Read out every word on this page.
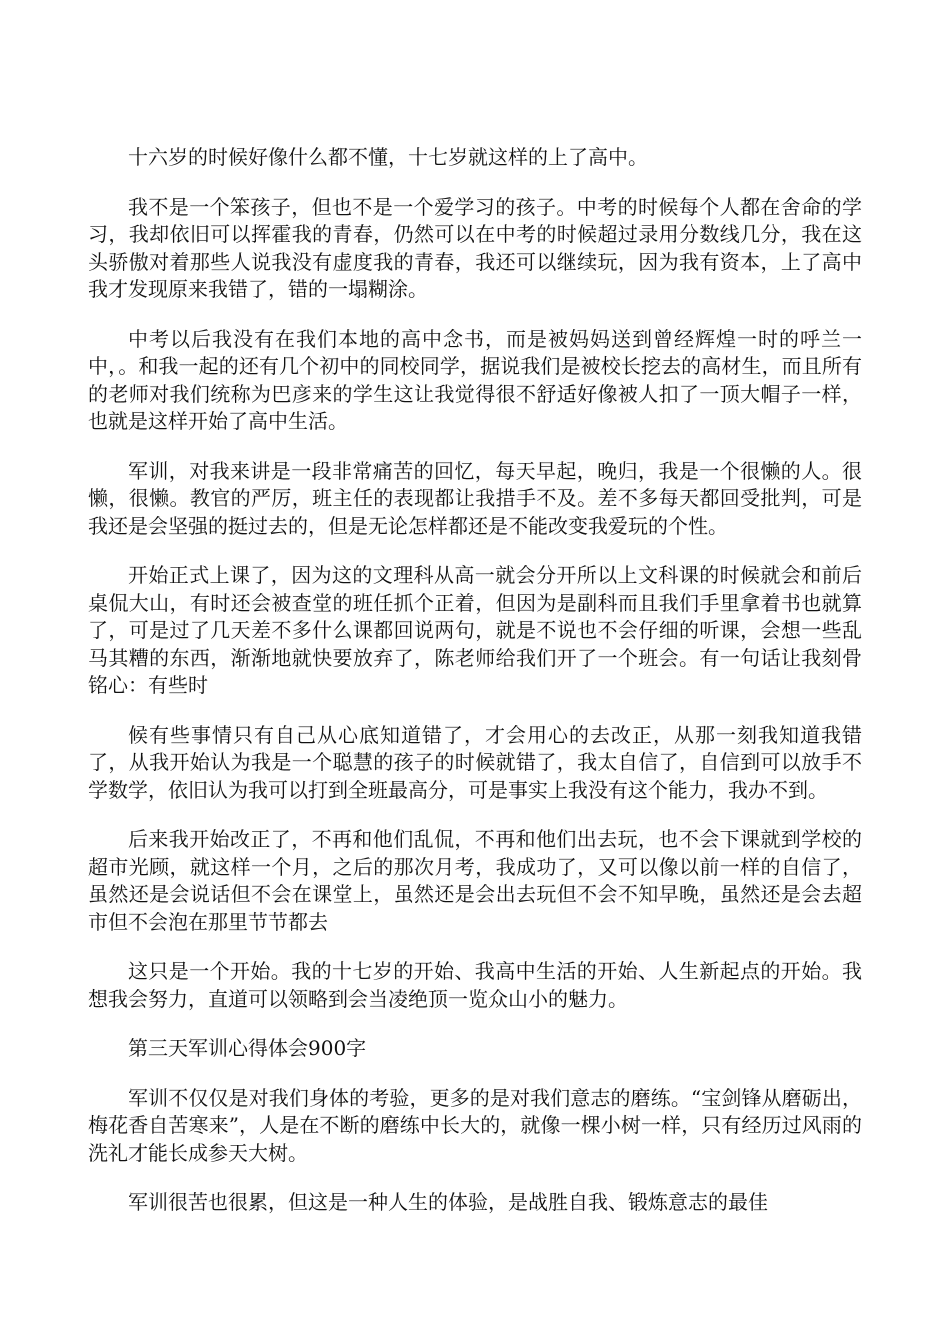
十六岁的时候好像什么都不懂，十七岁就这样的上了高中。

我不是一个笨孩子，但也不是一个爱学习的孩子。中考的时候每个人都在舍命的学习，我却依旧可以挥霍我的青春，仍然可以在中考的时候超过录用分数线几分，我在这头骄傲对着那些人说我没有虚度我的青春，我还可以继续玩，因为我有资本，上了高中我才发现原来我错了，错的一塌糊涂。

中考以后我没有在我们本地的高中念书，而是被妈妈送到曾经辉煌一时的呼兰一中，。和我一起的还有几个初中的同校同学，据说我们是被校长挖去的高材生，而且所有的老师对我们统称为巴彦来的学生这让我觉得很不舒适好像被人扣了一顶大帽子一样，也就是这样开始了高中生活。

军训，对我来讲是一段非常痛苦的回忆，每天早起，晚归，我是一个很懒的人。很懒，很懒。教官的严厉，班主任的表现都让我措手不及。差不多每天都回受批判，可是我还是会坚强的挺过去的，但是无论怎样都还是不能改变我爱玩的个性。

开始正式上课了，因为这的文理科从高一就会分开所以上文科课的时候就会和前后桌侃大山，有时还会被查堂的班任抓个正着，但因为是副科而且我们手里拿着书也就算了，可是过了几天差不多什么课都回说两句，就是不说也不会仔细的听课，会想一些乱马其糟的东西，渐渐地就快要放弃了，陈老师给我们开了一个班会。有一句话让我刻骨铭心：有些时

候有些事情只有自己从心底知道错了，才会用心的去改正，从那一刻我知道我错了，从我开始认为我是一个聪慧的孩子的时候就错了，我太自信了，自信到可以放手不学数学，依旧认为我可以打到全班最高分，可是事实上我没有这个能力，我办不到。

后来我开始改正了，不再和他们乱侃，不再和他们出去玩，也不会下课就到学校的超市光顾，就这样一个月，之后的那次月考，我成功了，又可以像以前一样的自信了，虽然还是会说话但不会在课堂上，虽然还是会出去玩但不会不知早晚，虽然还是会去超市但不会泡在那里节节都去

这只是一个开始。我的十七岁的开始、我高中生活的开始、人生新起点的开始。我想我会努力，直道可以领略到会当凌绝顶一览众山小的魅力。

第三天军训心得体会900字

军训不仅仅是对我们身体的考验，更多的是对我们意志的磨练。“宝剑锋从磨砺出，梅花香自苦寒来”，人是在不断的磨练中长大的，就像一棵小树一样，只有经历过风雨的洗礼才能长成参天大树。

军训很苦也很累，但这是一种人生的体验，是战胜自我、锻炼意志的最佳
